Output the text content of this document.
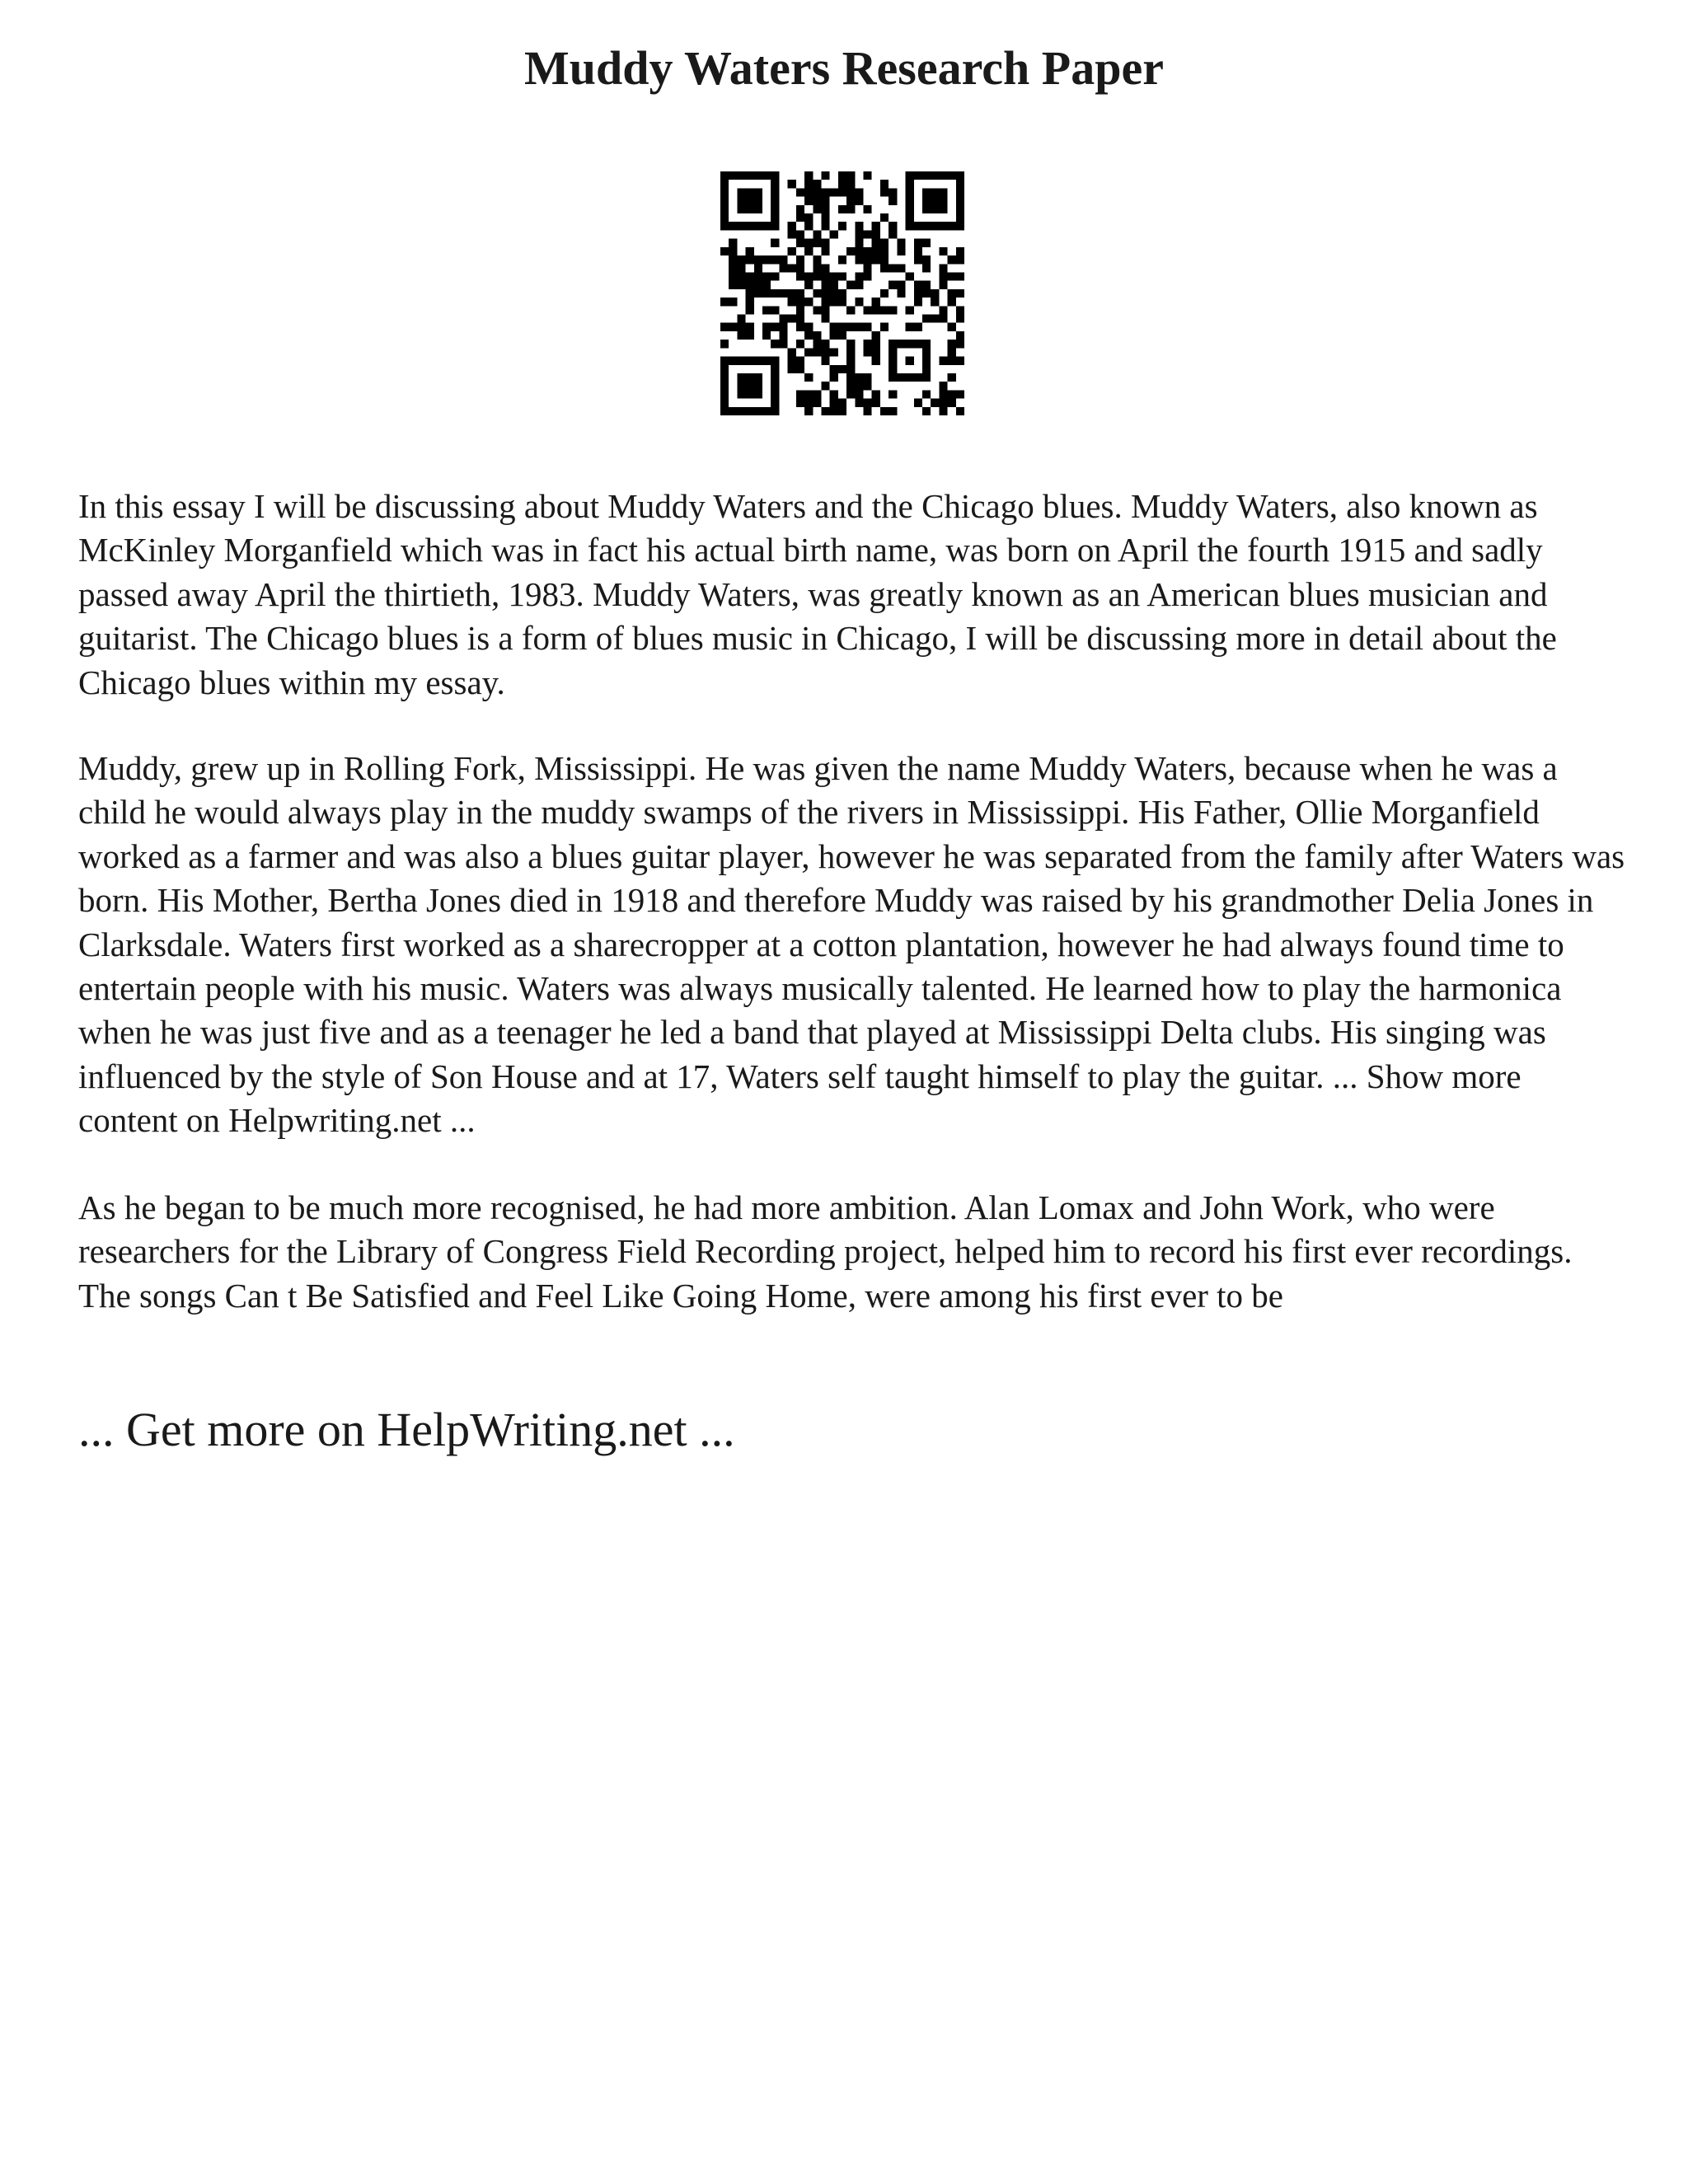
Muddy Waters Research Paper

In this essay I will be discussing about Muddy Waters and the Chicago blues. Muddy Waters, also known as McKinley Morganfield which was in fact his actual birth name, was born on April the fourth 1915 and sadly passed away April the thirtieth, 1983. Muddy Waters, was greatly known as an American blues musician and guitarist. The Chicago blues is a form of blues music in Chicago, I will be discussing more in detail about the Chicago blues within my essay.

Muddy, grew up in Rolling Fork, Mississippi. He was given the name Muddy Waters, because when he was a child he would always play in the muddy swamps of the rivers in Mississippi. His Father, Ollie Morganfield worked as a farmer and was also a blues guitar player, however he was separated from the family after Waters was born. His Mother, Bertha Jones died in 1918 and therefore Muddy was raised by his grandmother Delia Jones in Clarksdale. Waters first worked as a sharecropper at a cotton plantation, however he had always found time to entertain people with his music. Waters was always musically talented. He learned how to play the harmonica when he was just five and as a teenager he led a band that played at Mississippi Delta clubs. His singing was influenced by the style of Son House and at 17, Waters self taught himself to play the guitar. ... Show more content on Helpwriting.net ...

As he began to be much more recognised, he had more ambition. Alan Lomax and John Work, who were researchers for the Library of Congress Field Recording project, helped him to record his first ever recordings. The songs Can t Be Satisfied and Feel Like Going Home, were among his first ever to be

... Get more on HelpWriting.net ...
